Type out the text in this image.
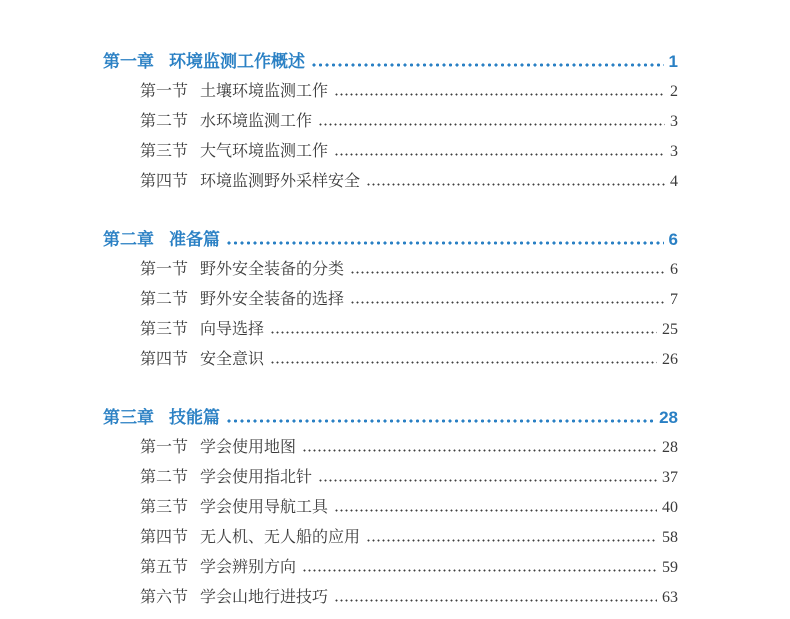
第一章 环境监测工作概述	1
第一节 土壤环境监测工作	2
第二节 水环境监测工作	3
第三节 大气环境监测工作	3
第四节 环境监测野外采样安全	4
第二章 准备篇	6
第一节 野外安全装备的分类	6
第二节 野外安全装备的选择	7
第三节 向导选择	25
第四节 安全意识	26
第三章 技能篇	28
第一节 学会使用地图	28
第二节 学会使用指北针	37
第三节 学会使用导航工具	40
第四节 无人机、无人船的应用	58
第五节 学会辨别方向	59
第六节 学会山地行进技巧	63
